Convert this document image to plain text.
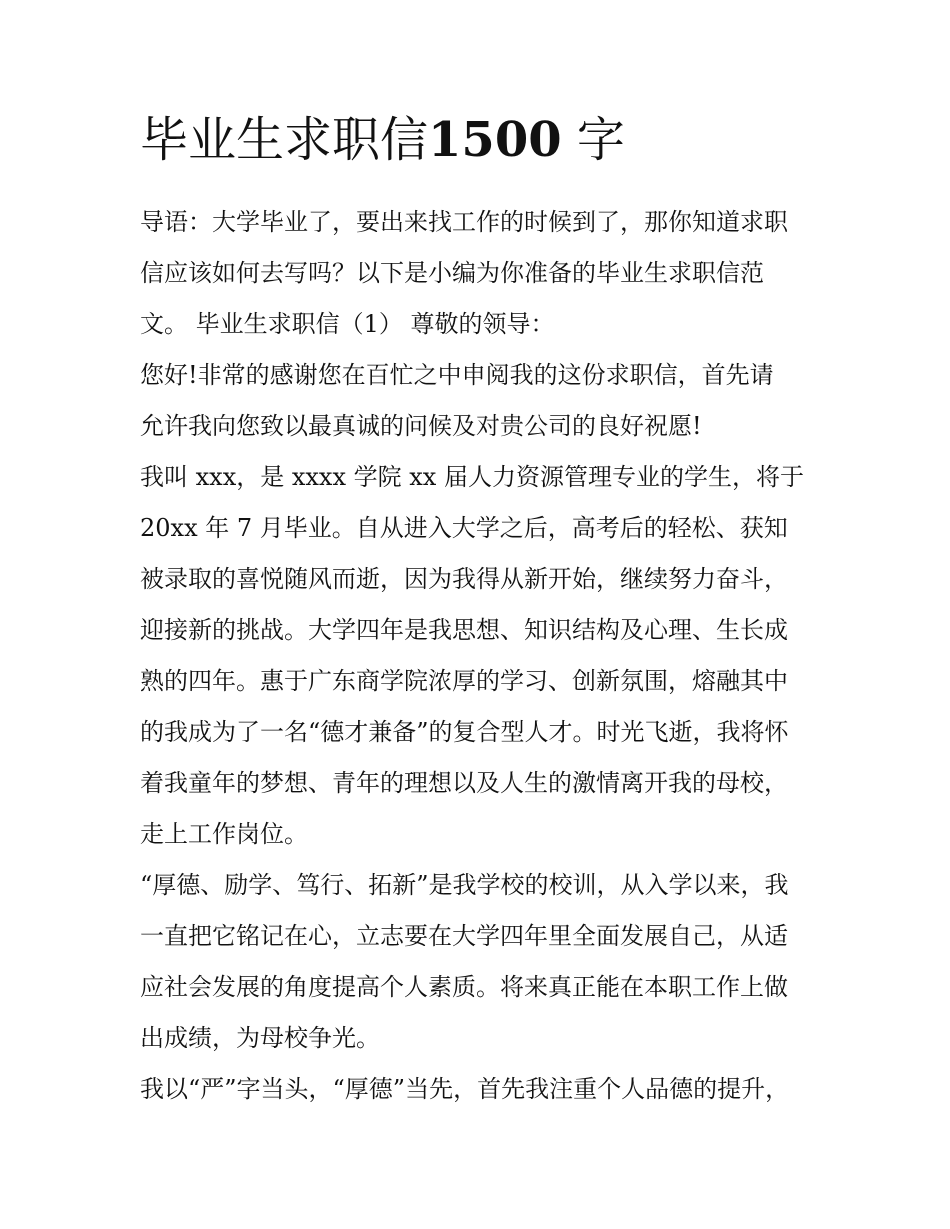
毕业生求职信1500 字
导语：大学毕业了，要出来找工作的时候到了，那你知道求职
信应该如何去写吗？以下是小编为你准备的毕业生求职信范
文。 毕业生求职信（1） 尊敬的领导：
您好!非常的感谢您在百忙之中申阅我的这份求职信，首先请
允许我向您致以最真诚的问候及对贵公司的良好祝愿!
我叫 xxx，是 xxxx 学院 xx 届人力资源管理专业的学生，将于
20xx 年 7 月毕业。自从进入大学之后，高考后的轻松、获知
被录取的喜悦随风而逝，因为我得从新开始，继续努力奋斗，
迎接新的挑战。大学四年是我思想、知识结构及心理、生长成
熟的四年。惠于广东商学院浓厚的学习、创新氛围，熔融其中
的我成为了一名“德才兼备”的复合型人才。时光飞逝，我将怀
着我童年的梦想、青年的理想以及人生的激情离开我的母校，
走上工作岗位。
“厚德、励学、笃行、拓新”是我学校的校训，从入学以来，我
一直把它铭记在心，立志要在大学四年里全面发展自己，从适
应社会发展的角度提高个人素质。将来真正能在本职工作上做
出成绩，为母校争光。
我以“严”字当头，“厚德”当先，首先我注重个人品德的提升，
